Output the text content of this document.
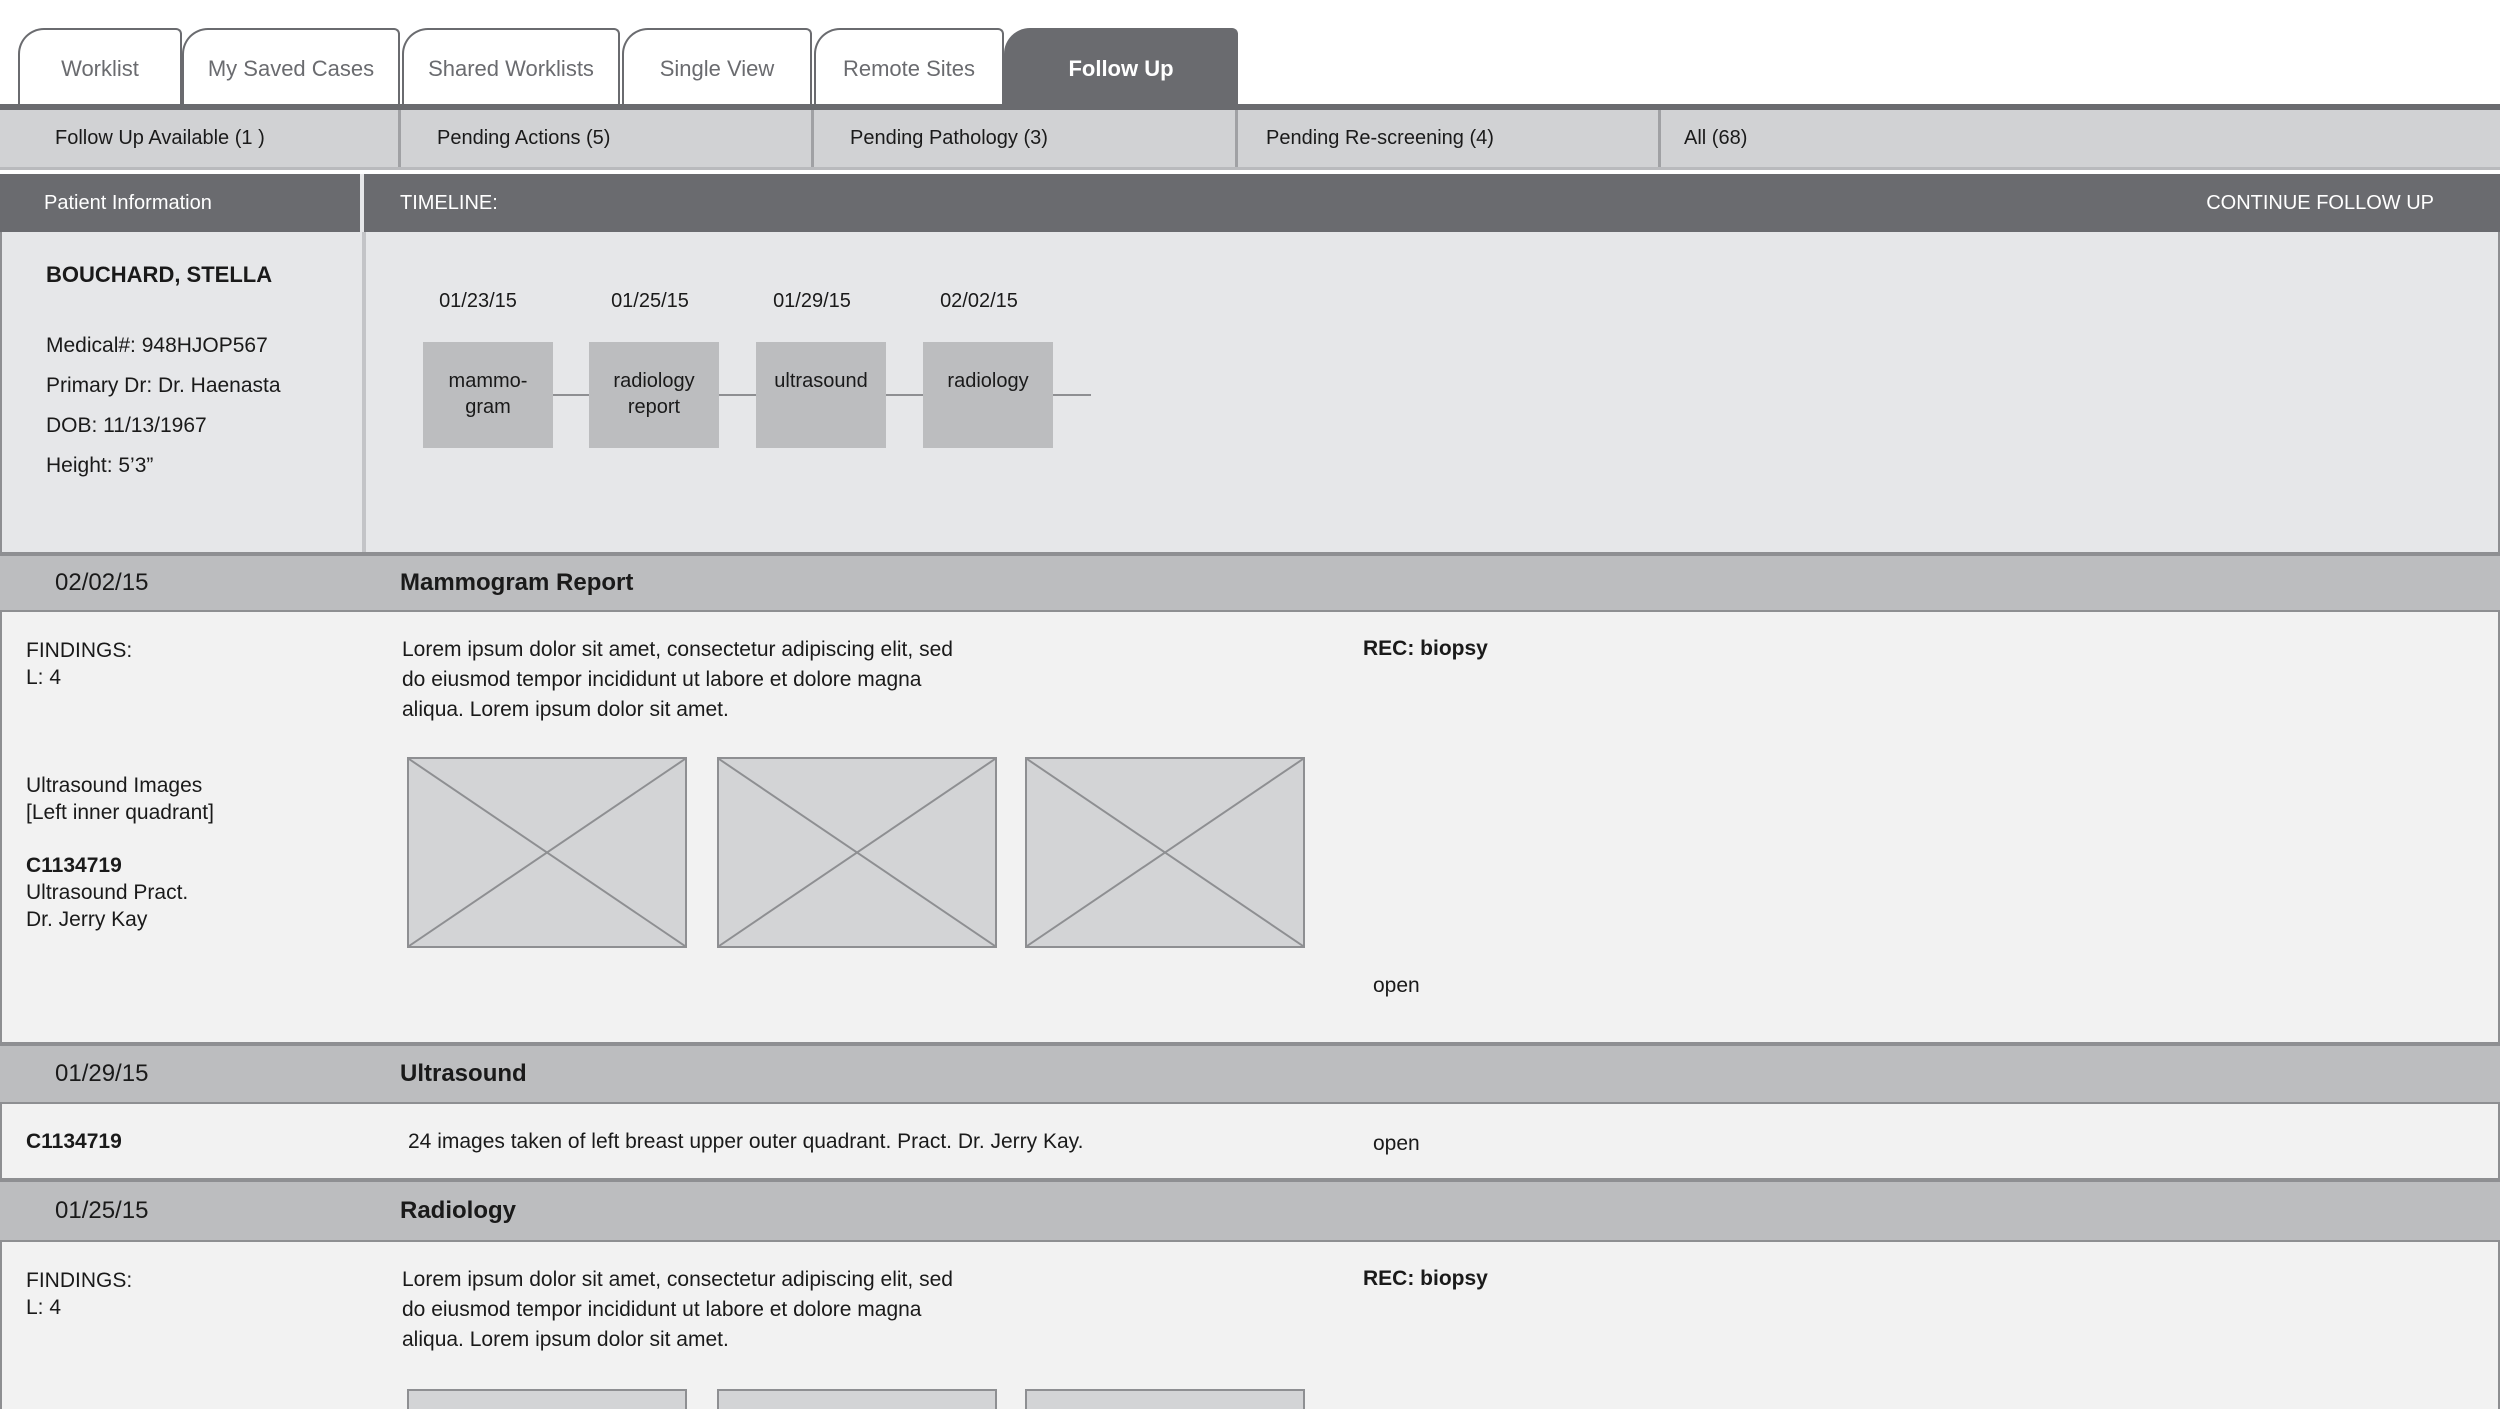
Worklist	My Saved Cases	Shared Worklists	Single View	Remote Sites	Follow Up
Follow Up Available (1 )	Pending Actions (5)	Pending Pathology (3)	Pending Re-screening (4)	All (68)
Patient Information	TIMELINE:	CONTINUE FOLLOW UP
BOUCHARD, STELLA
Medical#: 948HJOP567
Primary Dr: Dr. Haenasta
DOB: 11/13/1967
Height: 5’3”
01/23/15	01/25/15	01/29/15	02/02/15
mammo-
gram
radiology
report
ultrasound	radiology
02/02/15	Mammogram Report
FINDINGS:
L: 4
Lorem ipsum dolor sit amet, consectetur adipiscing elit, sed
do eiusmod tempor incididunt ut labore et dolore magna
aliqua. Lorem ipsum dolor sit amet.
REC: biopsy
Ultrasound Images
[Left inner quadrant]
C1134719
Ultrasound Pract.
Dr. Jerry Kay
open
01/29/15	Ultrasound
C1134719	24 images taken of left breast upper outer quadrant. Pract. Dr. Jerry Kay.	open
01/25/15	Radiology
FINDINGS:
L: 4
Lorem ipsum dolor sit amet, consectetur adipiscing elit, sed
do eiusmod tempor incididunt ut labore et dolore magna
aliqua. Lorem ipsum dolor sit amet.
REC: biopsy
